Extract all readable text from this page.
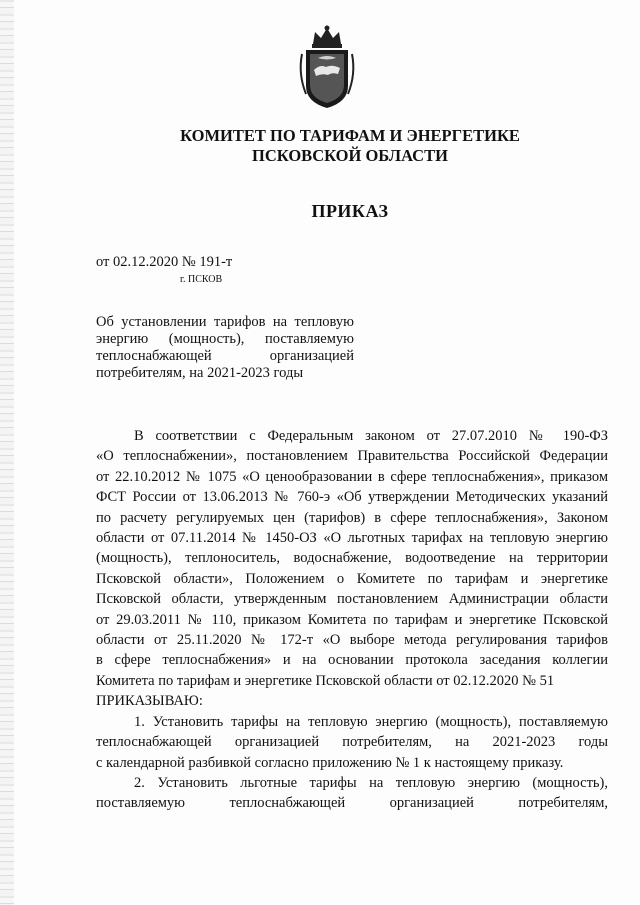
КОМИТЕТ ПО ТАРИФАМ И ЭНЕРГЕТИКЕ
ПСКОВСКОЙ ОБЛАСТИ
ПРИКАЗ
от 02.12.2020 № 191-т
г. ПСКОВ
Об установлении тарифов на тепловую
энергию (мощность), поставляемую
теплоснабжающей организацией
потребителям, на 2021-2023 годы
В соответствии с Федеральным законом от 27.07.2010 № 190-ФЗ
«О теплоснабжении», постановлением Правительства Российской Федерации
от 22.10.2012 № 1075 «О ценообразовании в сфере теплоснабжения», приказом
ФСТ России от 13.06.2013 № 760-э «Об утверждении Методических указаний
по расчету регулируемых цен (тарифов) в сфере теплоснабжения», Законом
области от 07.11.2014 № 1450-ОЗ «О льготных тарифах на тепловую энергию
(мощность), теплоноситель, водоснабжение, водоотведение на территории
Псковской области», Положением о Комитете по тарифам и энергетике
Псковской области, утвержденным постановлением Администрации области
от 29.03.2011 № 110, приказом Комитета по тарифам и энергетике Псковской
области от 25.11.2020 № 172-т «О выборе метода регулирования тарифов
в сфере теплоснабжения» и на основании протокола заседания коллегии
Комитета по тарифам и энергетике Псковской области от 02.12.2020 № 51
ПРИКАЗЫВАЮ:
1. Установить тарифы на тепловую энергию (мощность), поставляемую
теплоснабжающей организацией потребителям, на 2021-2023 годы
с календарной разбивкой согласно приложению № 1 к настоящему приказу.
2. Установить льготные тарифы на тепловую энергию (мощность),
поставляемую теплоснабжающей организацией потребителям,
